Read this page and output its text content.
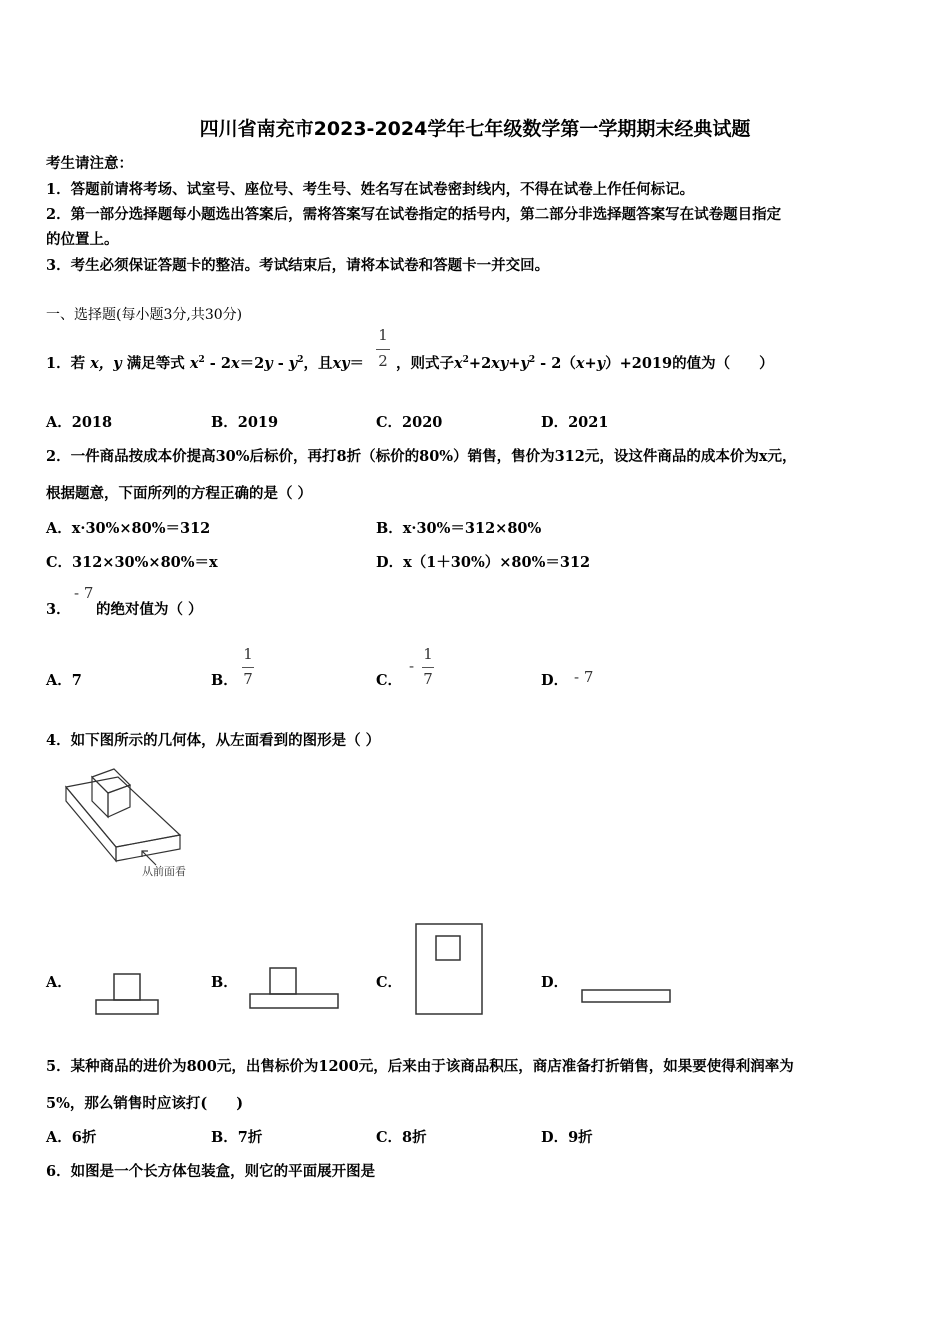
四川省南充市2023-2024学年七年级数学第一学期期末经典试题
考生请注意：
1．答题前请将考场、试室号、座位号、考生号、姓名写在试卷密封线内，不得在试卷上作任何标记。
2．第一部分选择题每小题选出答案后，需将答案写在试卷指定的括号内，第二部分非选择题答案写在试卷题目指定
的位置上。
3．考生必须保证答题卡的整洁。考试结束后，请将本试卷和答题卡一并交回。
一、选择题(每小题3分,共30分)
1．若 x，y 满足等式 $x^2 - 2x=2y - y^2$，且xy＝
1
2 ，则式子$x^2+2xy+y^2 - 2(x+y)+2019$的值为（　　）
A．2018	B．2019	C．2020	D．2021
2．一件商品按成本价提高30%后标价，再打8折（标价的80%）销售，售价为312元，设这件商品的成本价为x元，
根据题意，下面所列的方程正确的是（ ）
A．x·30%×80%＝312	B．x·30%＝312×80%
C．312×30%×80%＝x	D．x（1＋30%）×80%＝312
3．
- 7
的绝对值为（ ）
A．7	B．
1
7	C．
-
1
7	D． - 7
4．如下图所示的几何体，从左面看到的图形是（ ）
从前面看
A．	B．	C．	D．
5．某种商品的进价为800元，出售标价为1200元，后来由于该商品积压，商店准备打折销售，如果要使得利润率为
5%，那么销售时应该打(　　)
A．6折	B．7折	C．8折	D．9折
6．如图是一个长方体包装盒，则它的平面展开图是
